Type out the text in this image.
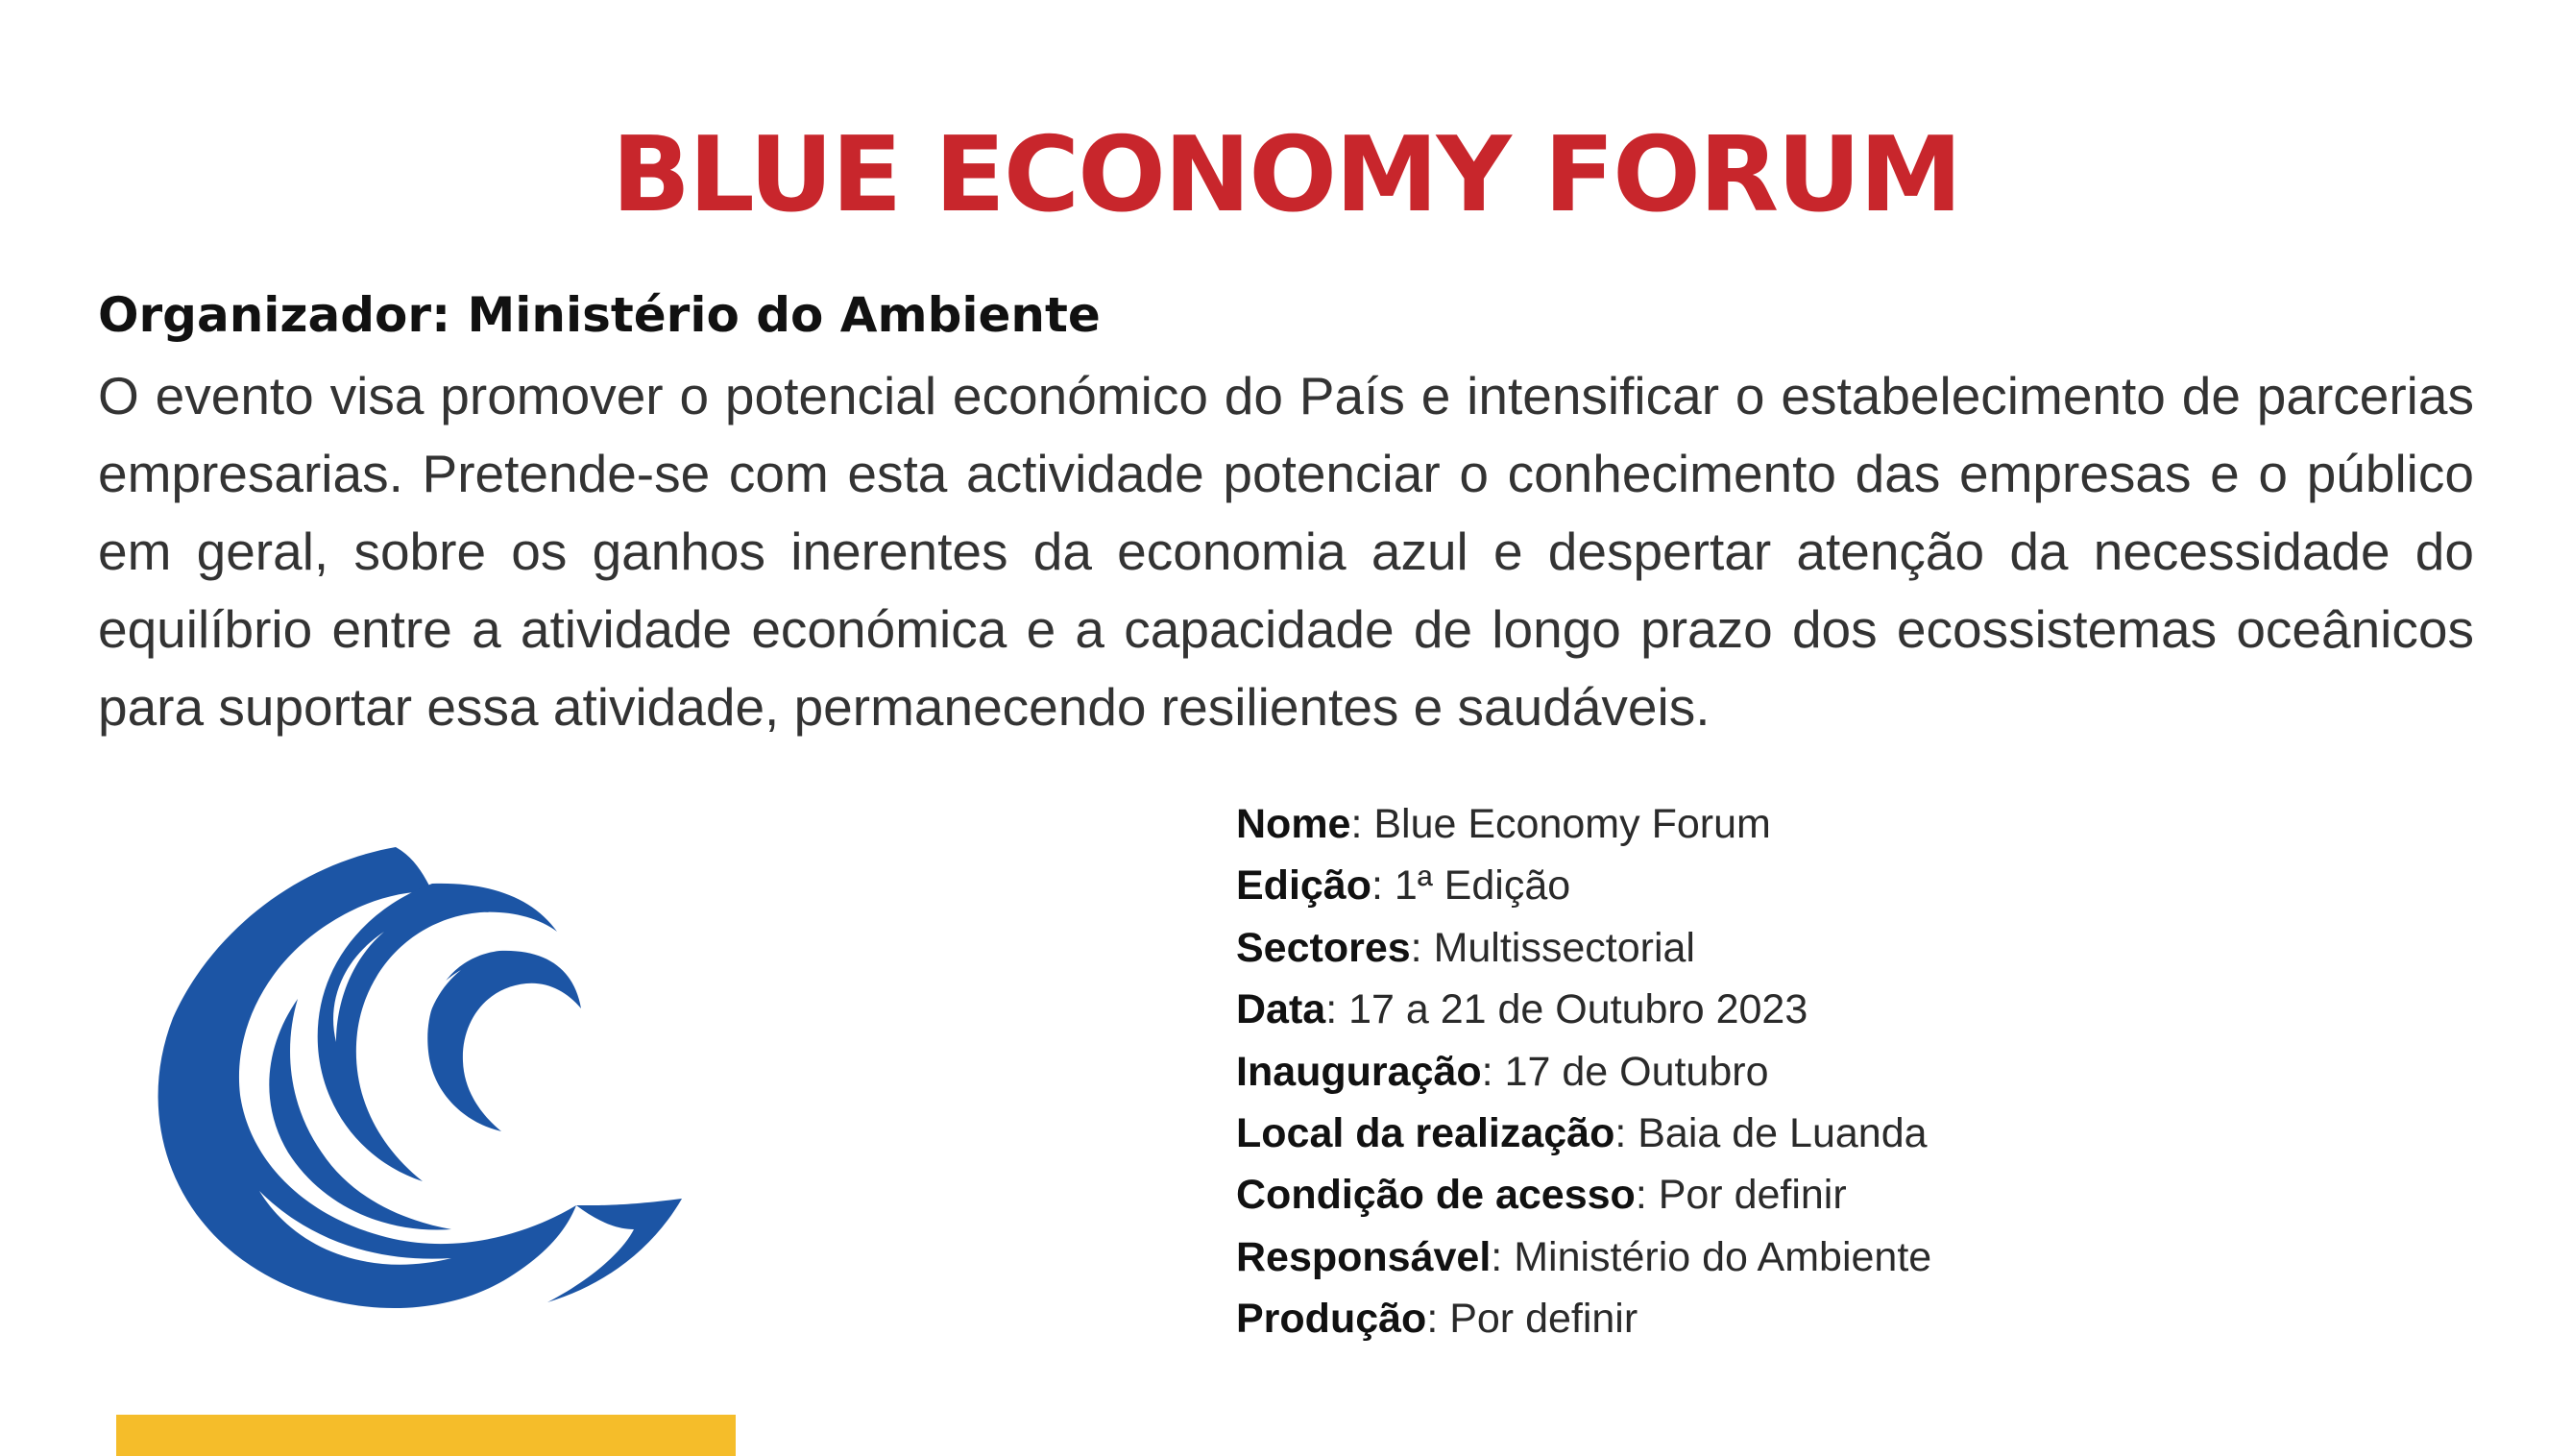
BLUE ECONOMY FORUM
Organizador: Ministério do Ambiente

O evento visa promover o potencial económico do País e intensificar o estabelecimento de parcerias empresarias. Pretende-se com esta actividade potenciar o conhecimento das empresas e o público em geral, sobre os ganhos inerentes da economia azul e despertar atenção da necessidade do equilíbrio entre a atividade económica e a capacidade de longo prazo dos ecossistemas oceânicos para suportar essa atividade, permanecendo resilientes e saudáveis.

Nome: Blue Economy Forum
Edição: 1ª Edição
Sectores: Multissectorial
Data: 17 a 21 de Outubro 2023
Inauguração: 17 de Outubro
Local da realização: Baia de Luanda
Condição de acesso: Por definir
Responsável: Ministério do Ambiente
Produção: Por definir
